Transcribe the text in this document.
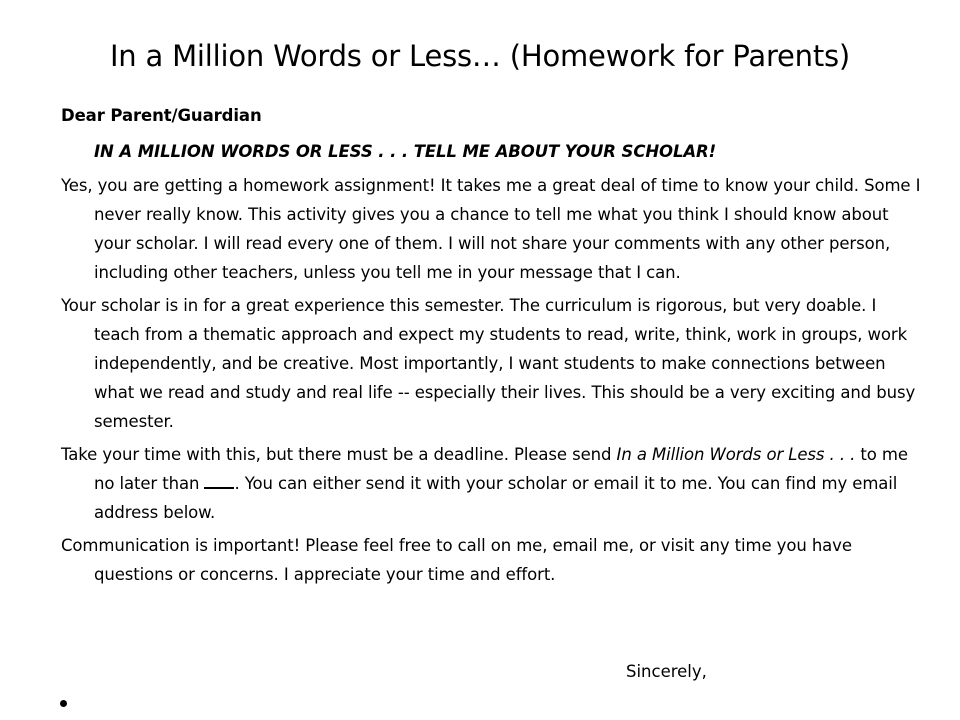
In a Million Words or Less… (Homework for Parents)

Dear Parent/Guardian

IN A MILLION WORDS OR LESS . . . TELL ME ABOUT YOUR SCHOLAR!

Yes, you are getting a homework assignment! It takes me a great deal of time to know your child. Some I never really know. This activity gives you a chance to tell me what you think I should know about your scholar. I will read every one of them. I will not share your comments with any other person, including other teachers, unless you tell me in your message that I can.

Your scholar is in for a great experience this semester. The curriculum is rigorous, but very doable. I teach from a thematic approach and expect my students to read, write, think, work in groups, work independently, and be creative. Most importantly, I want students to make connections between what we read and study and real life -- especially their lives. This should be a very exciting and busy semester.

Take your time with this, but there must be a deadline. Please send In a Million Words or Less . . . to me no later than . You can either send it with your scholar or email it to me. You can find my email address below.

Communication is important! Please feel free to call on me, email me, or visit any time you have questions or concerns. I appreciate your time and effort.

Sincerely,
